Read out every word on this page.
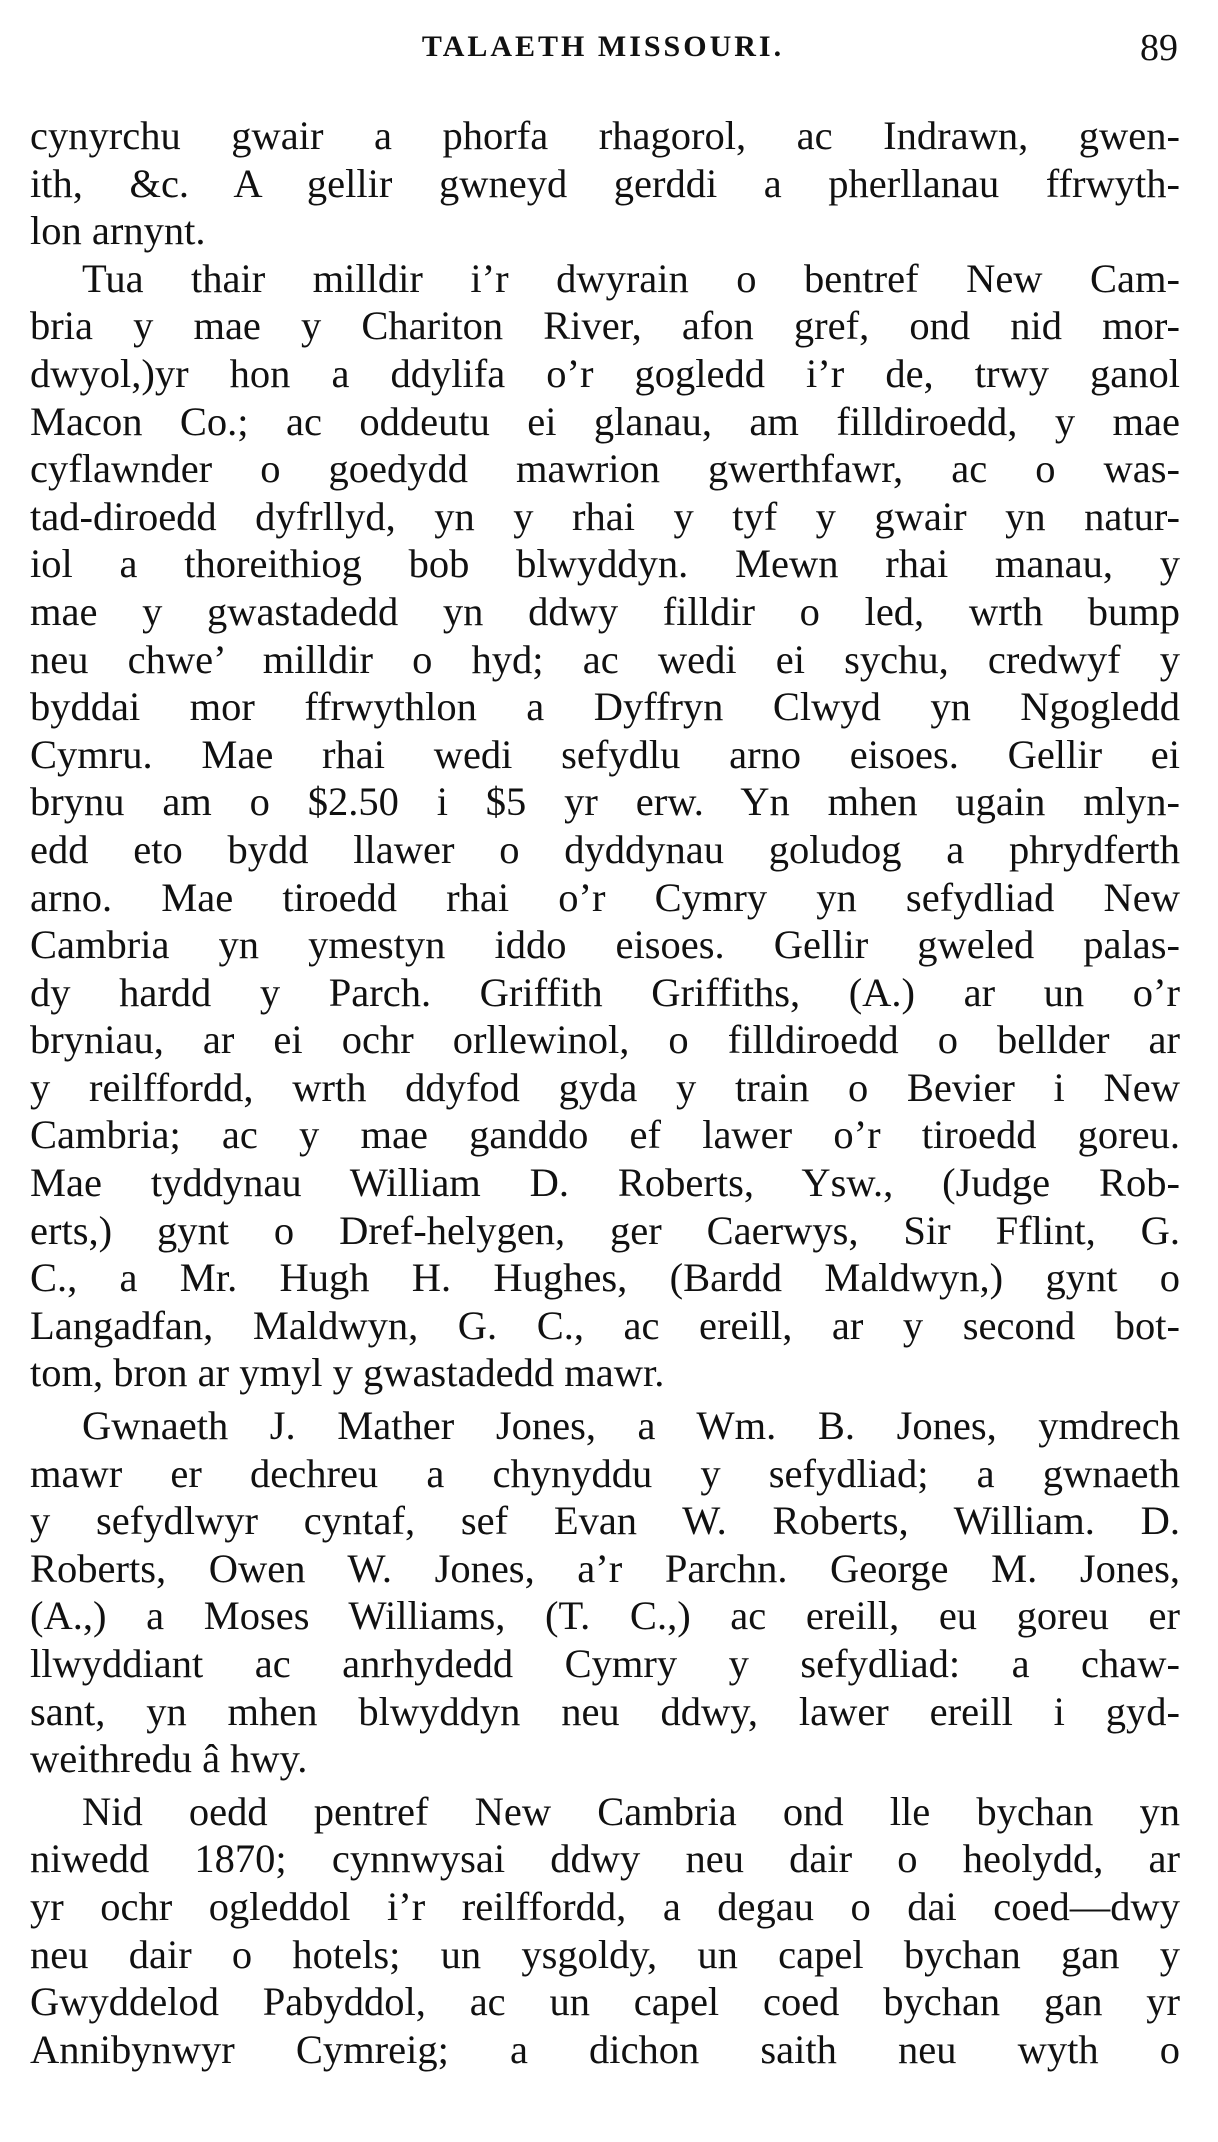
TALAETH MISSOURI.	89
cynyrchu gwair a phorfa rhagorol, ac Indrawn, gwen-
ith, &c. A gellir gwneyd gerddi a pherllanau ffrwyth-
lon arnynt.
Tua thair milldir i’r dwyrain o bentref New Cam-
bria y mae y Chariton River, afon gref, ond nid mor-
dwyol,)yr hon a ddylifa o’r gogledd i’r de, trwy ganol
Macon Co.; ac oddeutu ei glanau, am filldiroedd, y mae
cyflawnder o goedydd mawrion gwerthfawr, ac o was-
tad-diroedd dyfrllyd, yn y rhai y tyf y gwair yn natur-
iol a thoreithiog bob blwyddyn. Mewn rhai manau, y
mae y gwastadedd yn ddwy filldir o led, wrth bump
neu chwe’ milldir o hyd; ac wedi ei sychu, credwyf y
byddai mor ffrwythlon a Dyffryn Clwyd yn Ngogledd
Cymru. Mae rhai wedi sefydlu arno eisoes. Gellir ei
brynu am o $2.50 i $5 yr erw. Yn mhen ugain mlyn-
edd eto bydd llawer o dyddynau goludog a phrydferth
arno. Mae tiroedd rhai o’r Cymry yn sefydliad New
Cambria yn ymestyn iddo eisoes. Gellir gweled palas-
dy hardd y Parch. Griffith Griffiths, (A.) ar un o’r
bryniau, ar ei ochr orllewinol, o filldiroedd o bellder ar
y reilffordd, wrth ddyfod gyda y train o Bevier i New
Cambria; ac y mae ganddo ef lawer o’r tiroedd goreu.
Mae tyddynau William D. Roberts, Ysw., (Judge Rob-
erts,) gynt o Dref-helygen, ger Caerwys, Sir Fflint, G.
C., a Mr. Hugh H. Hughes, (Bardd Maldwyn,) gynt o
Langadfan, Maldwyn, G. C., ac ereill, ar y second bot-
tom, bron ar ymyl y gwastadedd mawr.
Gwnaeth J. Mather Jones, a Wm. B. Jones, ymdrech
mawr er dechreu a chynyddu y sefydliad; a gwnaeth
y sefydlwyr cyntaf, sef Evan W. Roberts, William. D.
Roberts, Owen W. Jones, a’r Parchn. George M. Jones,
(A.,) a Moses Williams, (T. C.,) ac ereill, eu goreu er
llwyddiant ac anrhydedd Cymry y sefydliad: a chaw-
sant, yn mhen blwyddyn neu ddwy, lawer ereill i gyd-
weithredu â hwy.
Nid oedd pentref New Cambria ond lle bychan yn
niwedd 1870; cynnwysai ddwy neu dair o heolydd, ar
yr ochr ogleddol i’r reilffordd, a degau o dai coed—dwy
neu dair o hotels; un ysgoldy, un capel bychan gan y
Gwyddelod Pabyddol, ac un capel coed bychan gan yr
Annibynwyr Cymreig; a dichon saith neu wyth o
